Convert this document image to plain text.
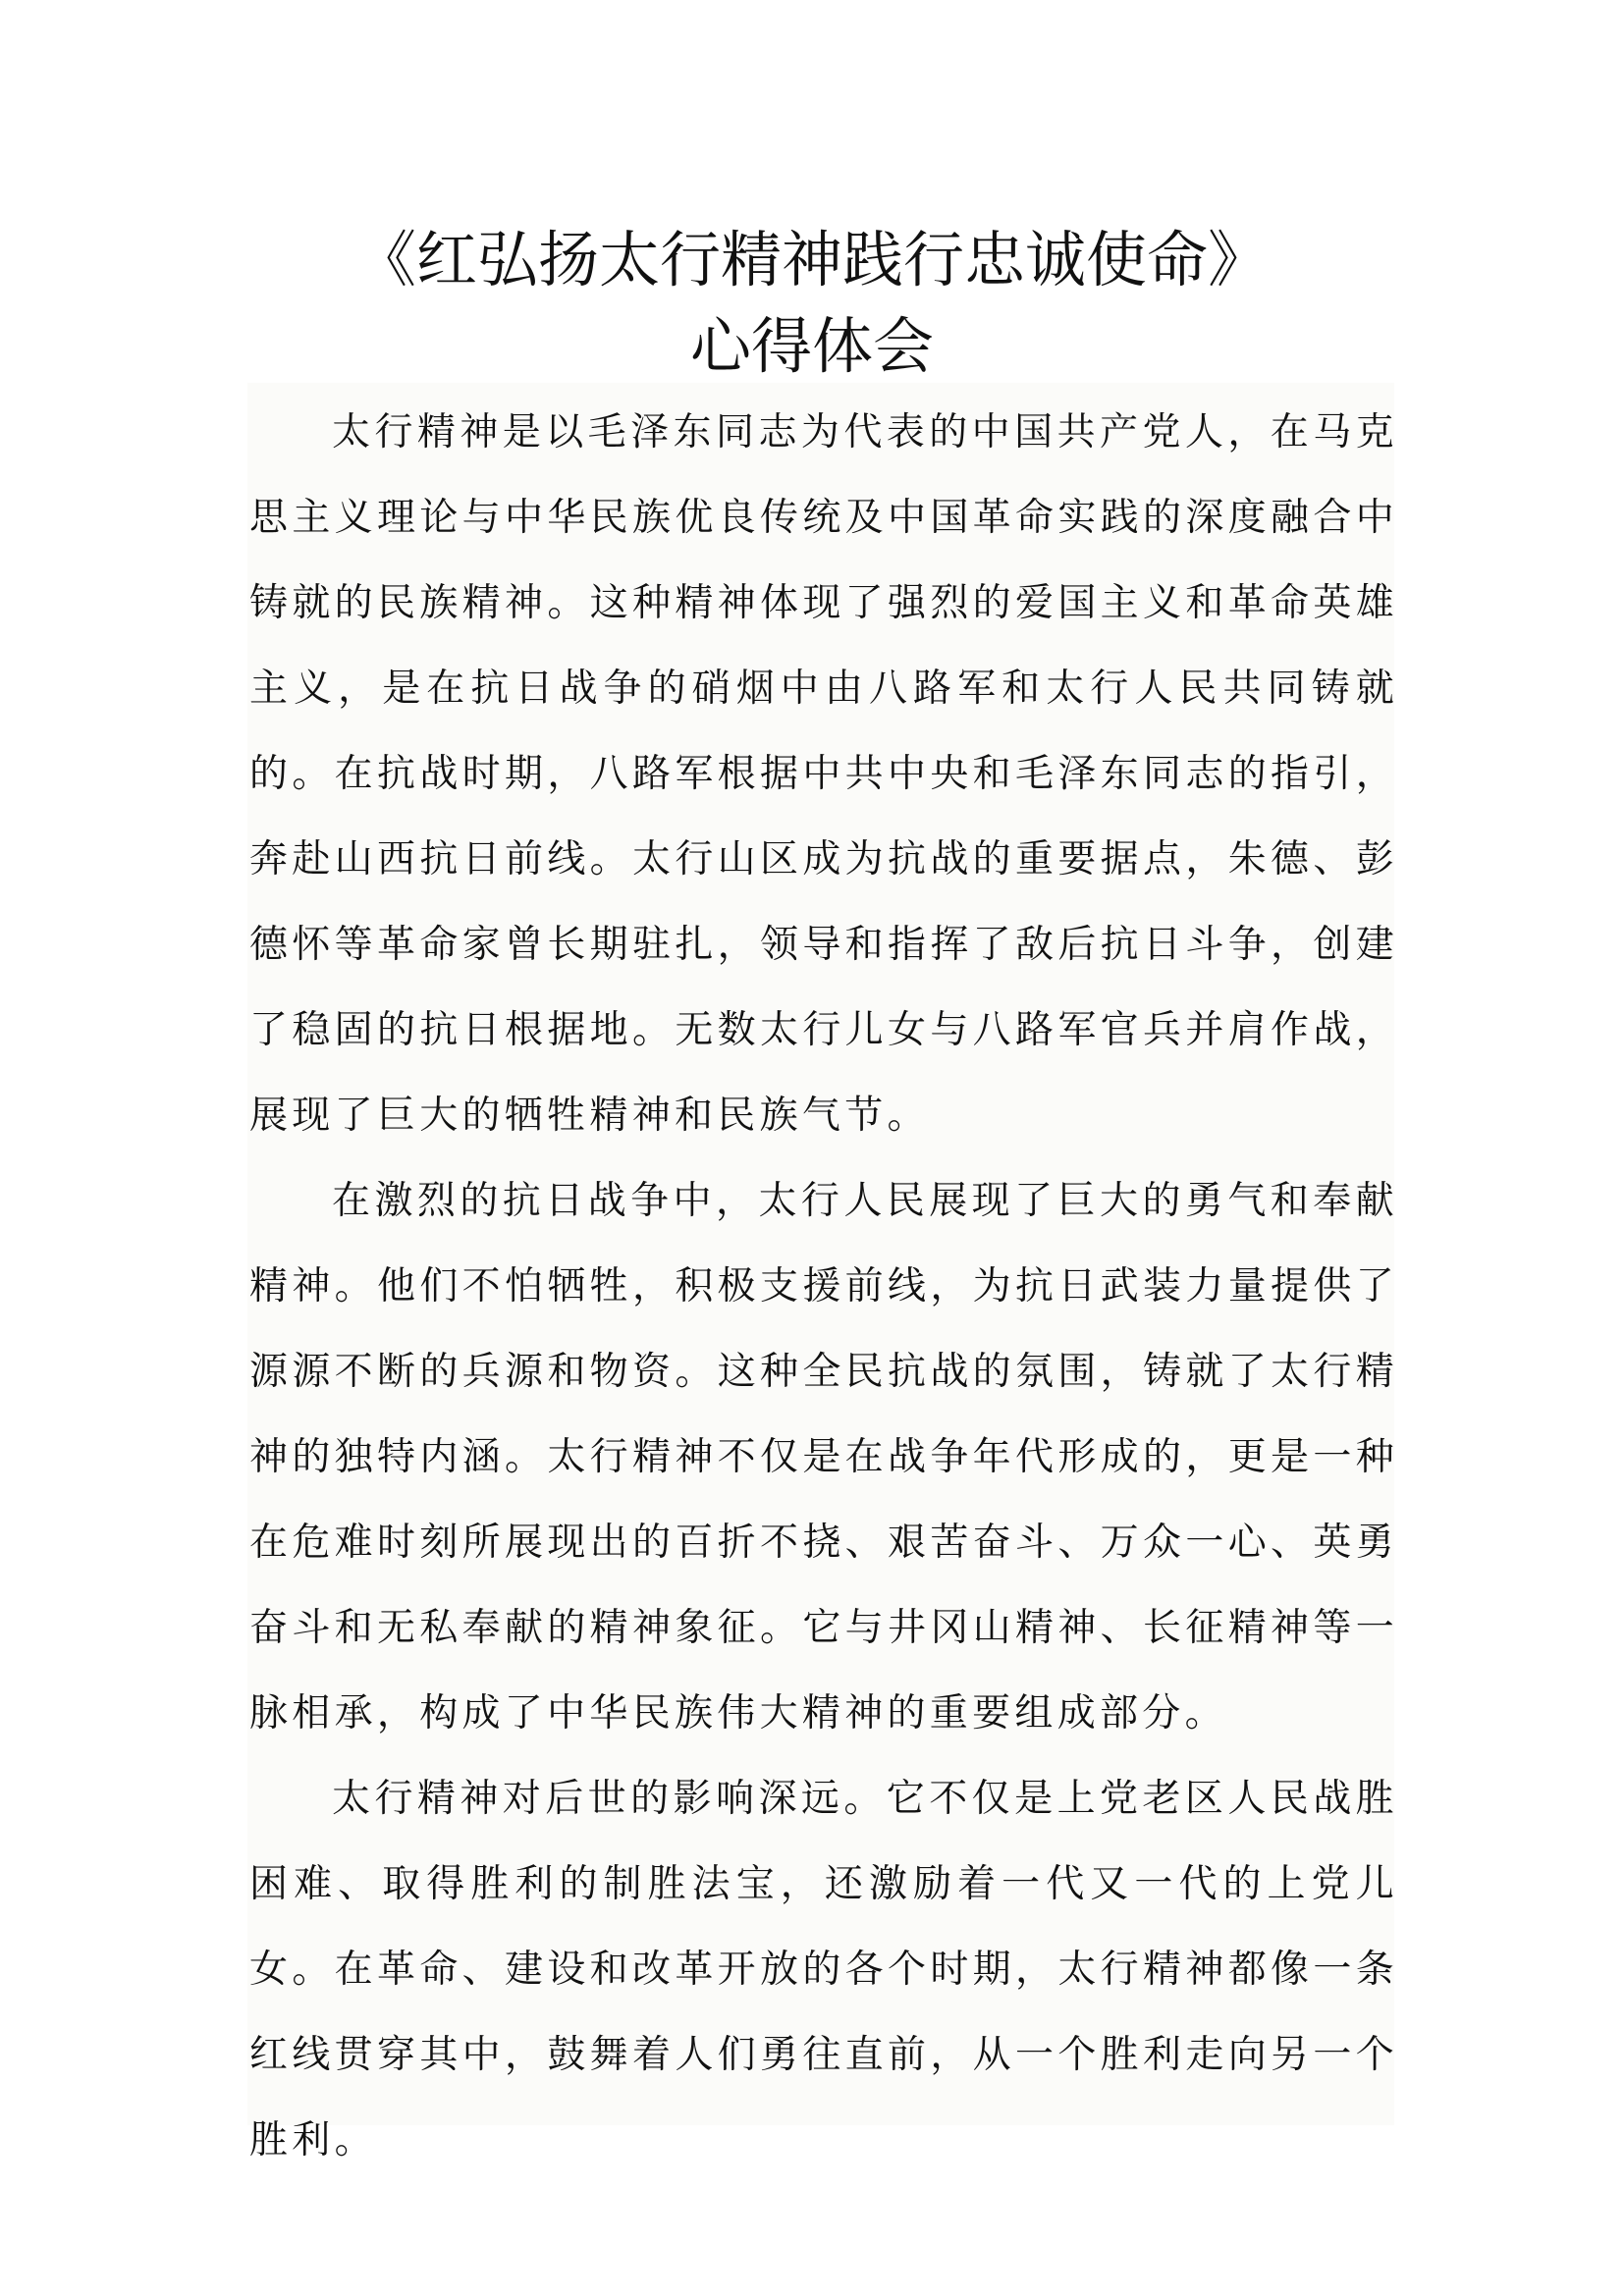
《红弘扬太行精神践行忠诚使命》
心得体会

太行精神是以毛泽东同志为代表的中国共产党人，在马克思主义理论与中华民族优良传统及中国革命实践的深度融合中铸就的民族精神。这种精神体现了强烈的爱国主义和革命英雄主义，是在抗日战争的硝烟中由八路军和太行人民共同铸就的。在抗战时期，八路军根据中共中央和毛泽东同志的指引，奔赴山西抗日前线。太行山区成为抗战的重要据点，朱德、彭德怀等革命家曾长期驻扎，领导和指挥了敌后抗日斗争，创建了稳固的抗日根据地。无数太行儿女与八路军官兵并肩作战，展现了巨大的牺牲精神和民族气节。

在激烈的抗日战争中，太行人民展现了巨大的勇气和奉献精神。他们不怕牺牲，积极支援前线，为抗日武装力量提供了源源不断的兵源和物资。这种全民抗战的氛围，铸就了太行精神的独特内涵。太行精神不仅是在战争年代形成的，更是一种在危难时刻所展现出的百折不挠、艰苦奋斗、万众一心、英勇奋斗和无私奉献的精神象征。它与井冈山精神、长征精神等一脉相承，构成了中华民族伟大精神的重要组成部分。

太行精神对后世的影响深远。它不仅是上党老区人民战胜困难、取得胜利的制胜法宝，还激励着一代又一代的上党儿女。在革命、建设和改革开放的各个时期，太行精神都像一条红线贯穿其中，鼓舞着人们勇往直前，从一个胜利走向另一个胜利。
